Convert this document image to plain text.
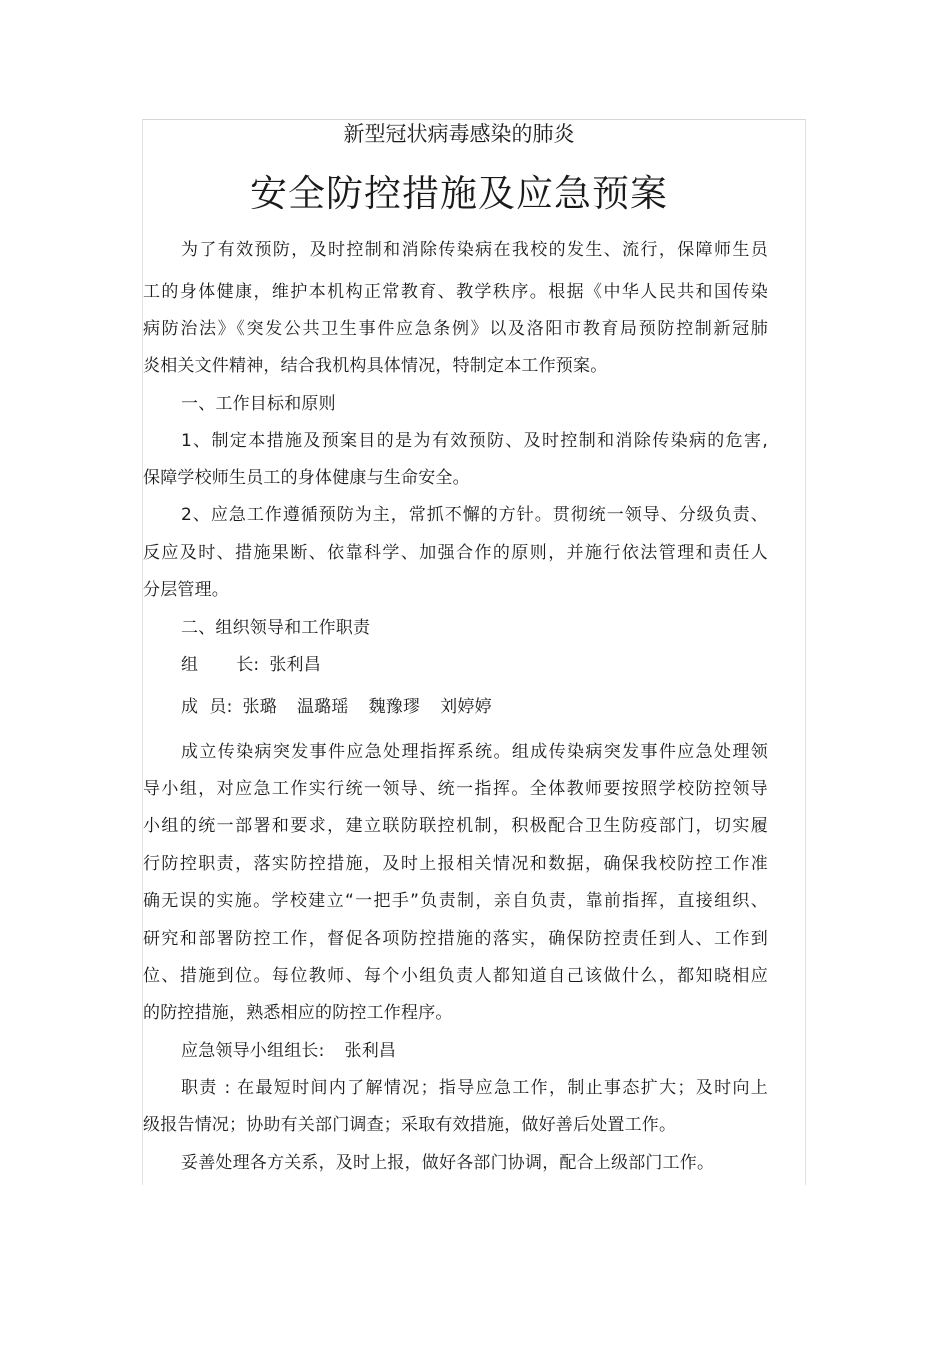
新型冠状病毒感染的肺炎
安全防控措施及应急预案
为了有效预防，及时控制和消除传染病在我校的发生、流行，保障师生员
工的身体健康，维护本机构正常教育、教学秩序。根据《中华人民共和国传染
病防治法》《突发公共卫生事件应急条例》以及洛阳市教育局预防控制新冠肺
炎相关文件精神，结合我机构具体情况，特制定本工作预案。
一、工作目标和原则
1、制定本措施及预案目的是为有效预防、及时控制和消除传染病的危害,
保障学校师生员工的身体健康与生命安全。
2、应急工作遵循预防为主，常抓不懈的方针。贯彻统一领导、分级负责、
反应及时、措施果断、依靠科学、加强合作的原则，并施行依法管理和责任人
分层管理。
二、组织领导和工作职责
组 长: 张利昌
成  员: 张璐 温璐瑶 魏豫璆 刘婷婷
成立传染病突发事件应急处理指挥系统。组成传染病突发事件应急处理领
导小组，对应急工作实行统一领导、统一指挥。全体教师要按照学校防控领导
小组的统一部署和要求，建立联防联控机制，积极配合卫生防疫部门，切实履
行防控职责，落实防控措施，及时上报相关情况和数据，确保我校防控工作准
确无误的实施。学校建立“一把手”负责制，亲自负责，靠前指挥，直接组织、
研究和部署防控工作，督促各项防控措施的落实，确保防控责任到人、工作到
位、措施到位。每位教师、每个小组负责人都知道自己该做什么，都知晓相应
的防控措施，熟悉相应的防控工作程序。
应急领导小组组长: 张利昌
职责 : 在最短时间内了解情况；指导应急工作，制止事态扩大；及时向上
级报告情况；协助有关部门调查；采取有效措施，做好善后处置工作。
妥善处理各方关系，及时上报，做好各部门协调，配合上级部门工作。
